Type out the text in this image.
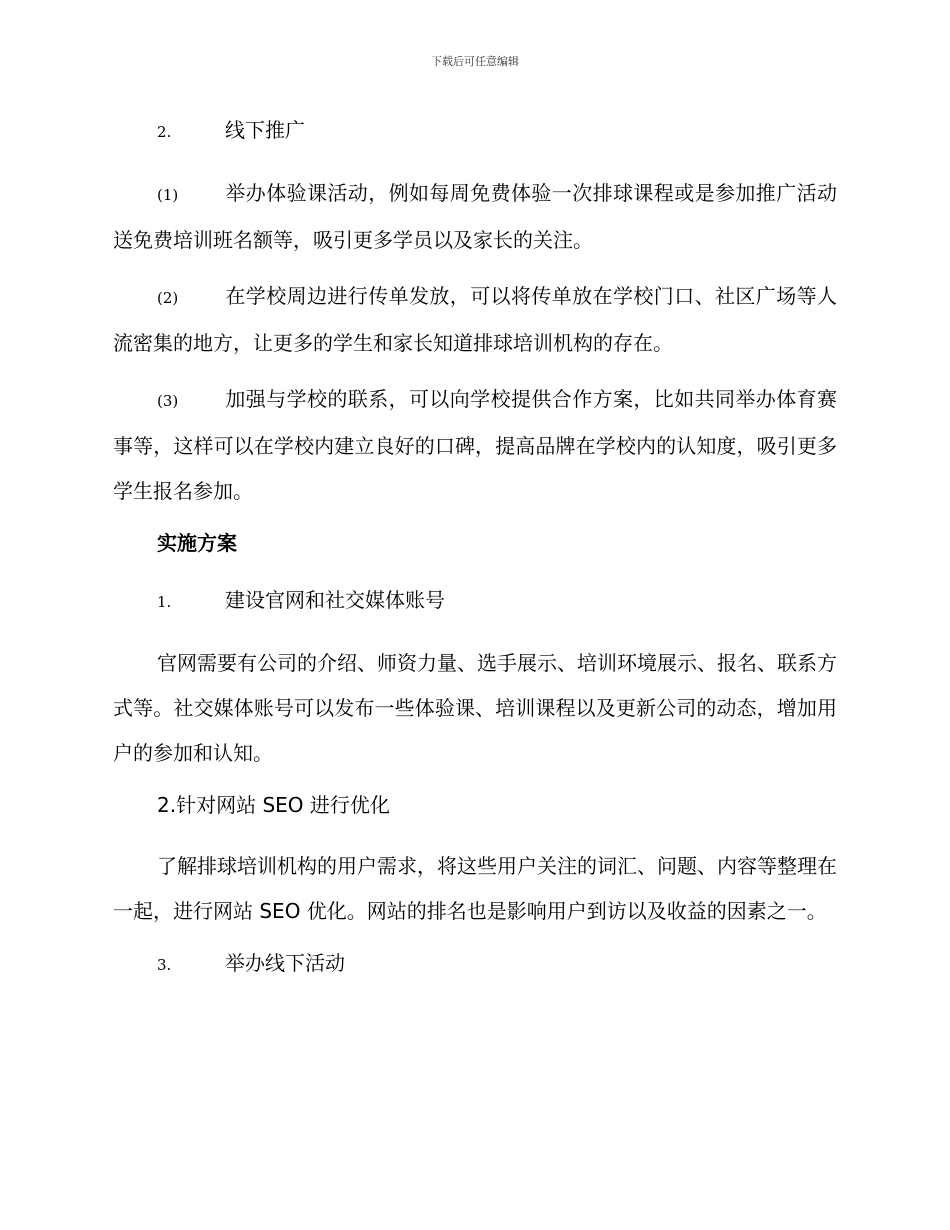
下载后可任意编辑
2.	线下推广

(1) 举办体验课活动，例如每周免费体验一次排球课程或是参加推广活动送免费培训班名额等，吸引更多学员以及家长的关注。

(2) 在学校周边进行传单发放，可以将传单放在学校门口、社区广场等人流密集的地方，让更多的学生和家长知道排球培训机构的存在。

(3) 加强与学校的联系，可以向学校提供合作方案，比如共同举办体育赛事等，这样可以在学校内建立良好的口碑，提高品牌在学校内的认知度，吸引更多学生报名参加。

实施方案
1.	建设官网和社交媒体账号

官网需要有公司的介绍、师资力量、选手展示、培训环境展示、报名、联系方式等。社交媒体账号可以发布一些体验课、培训课程以及更新公司的动态，增加用户的参加和认知。

2.针对网站 SEO 进行优化

了解排球培训机构的用户需求，将这些用户关注的词汇、问题、内容等整理在一起，进行网站 SEO 优化。网站的排名也是影响用户到访以及收益的因素之一。

3.	举办线下活动
